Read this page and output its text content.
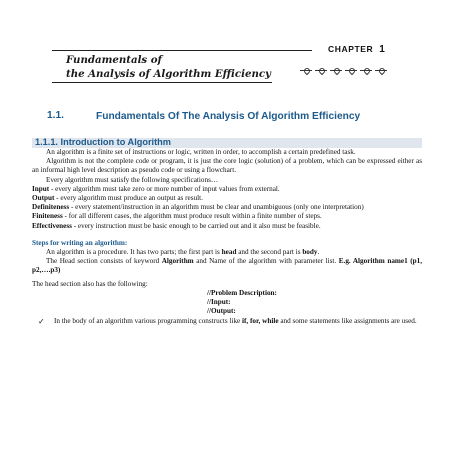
CHAPTER 1
Fundamentals of
the Analysis of Algorithm Efficiency
1.1.	Fundamentals Of The Analysis Of Algorithm Efficiency
1.1.1. Introduction to Algorithm

An algorithm is a finite set of instructions or logic, written in order, to accomplish a certain predefined task.

Algorithm is not the complete code or program, it is just the core logic (solution) of a problem, which can be expressed either as an informal high level description as pseudo code or using a flowchart.

Every algorithm must satisfy the following specifications…

Input - every algorithm must take zero or more number of input values from external.

Output - every algorithm must produce an output as result.

Definiteness - every statement/instruction in an algorithm must be clear and unambiguous (only one interpretation)

Finiteness - for all different cases, the algorithm must produce result within a finite number of steps.

Effectiveness - every instruction must be basic enough to be carried out and it also must be feasible.

Steps for writing an algorithm:

An algorithm is a procedure. It has two parts; the first part is head and the second part is body.

The Head section consists of keyword Algorithm and Name of the algorithm with parameter list. E.g. Algorithm name1 (p1, p2,….p3)

The head section also has the following:

//Problem Description:

//Input:

//Output:

✓	In the body of an algorithm various programming constructs like if, for, while and some statements like assignments are used.
